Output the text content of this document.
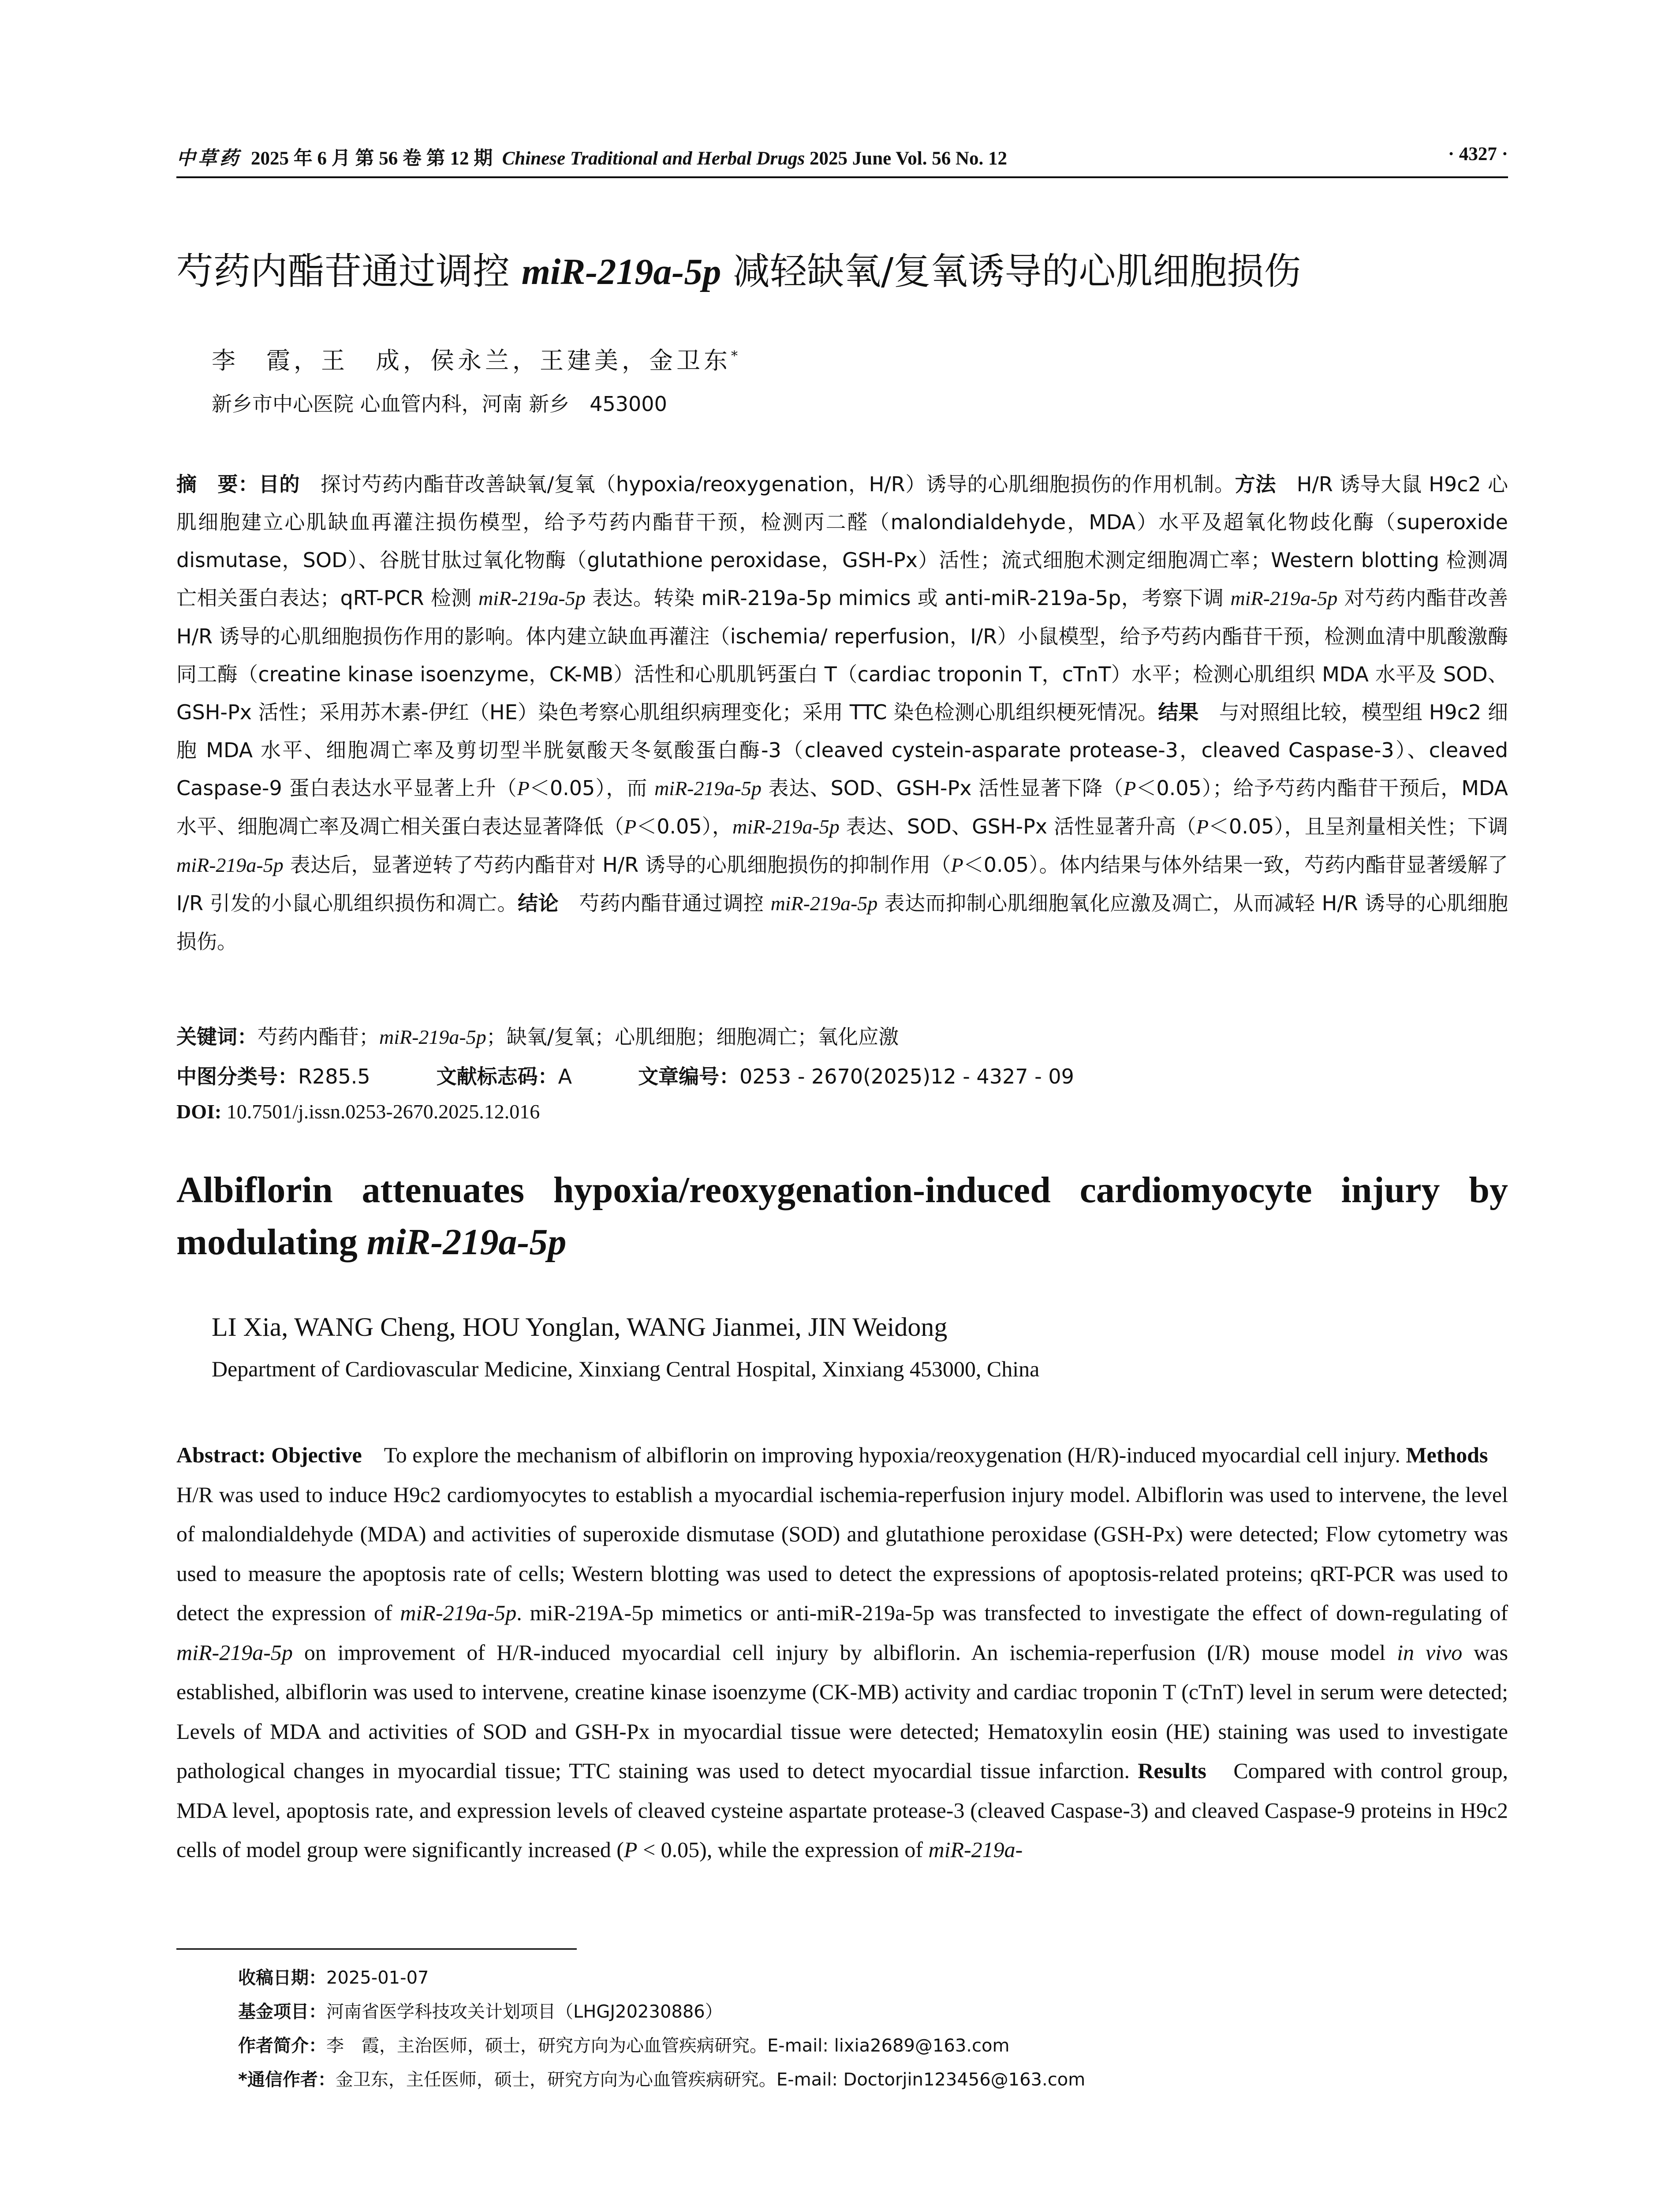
中草药 2025 年 6 月 第 56 卷 第 12 期 Chinese Traditional and Herbal Drugs 2025 June Vol. 56 No. 12	· 4327 ·
芍药内酯苷通过调控 miR-219a-5p 减轻缺氧/复氧诱导的心肌细胞损伤
李　霞，王　成，侯永兰，王建美，金卫东*
新乡市中心医院 心血管内科，河南 新乡　453000

摘　要：目的　探讨芍药内酯苷改善缺氧/复氧（hypoxia/reoxygenation，H/R）诱导的心肌细胞损伤的作用机制。方法　H/R 诱导大鼠 H9c2 心肌细胞建立心肌缺血再灌注损伤模型，给予芍药内酯苷干预，检测丙二醛（malondialdehyde，MDA）水平及超氧化物歧化酶（superoxide dismutase，SOD）、谷胱甘肽过氧化物酶（glutathione peroxidase，GSH-Px）活性；流式细胞术测定细胞凋亡率；Western blotting 检测凋亡相关蛋白表达；qRT-PCR 检测 miR-219a-5p 表达。转染 miR-219a-5p mimics 或 anti-miR-219a-5p，考察下调 miR-219a-5p 对芍药内酯苷改善 H/R 诱导的心肌细胞损伤作用的影响。体内建立缺血再灌注（ischemia/ reperfusion，I/R）小鼠模型，给予芍药内酯苷干预，检测血清中肌酸激酶同工酶（creatine kinase isoenzyme，CK-MB）活性和心肌肌钙蛋白 T（cardiac troponin T，cTnT）水平；检测心肌组织 MDA 水平及 SOD、GSH-Px 活性；采用苏木素-伊红（HE）染色考察心肌组织病理变化；采用 TTC 染色检测心肌组织梗死情况。结果　与对照组比较，模型组 H9c2 细胞 MDA 水平、细胞凋亡率及剪切型半胱氨酸天冬氨酸蛋白酶-3（cleaved cystein-asparate protease-3，cleaved Caspase-3）、cleaved Caspase-9 蛋白表达水平显著上升（P＜0.05），而 miR-219a-5p 表达、SOD、GSH-Px 活性显著下降（P＜0.05）；给予芍药内酯苷干预后，MDA 水平、细胞凋亡率及凋亡相关蛋白表达显著降低（P＜0.05），miR-219a-5p 表达、SOD、GSH-Px 活性显著升高（P＜0.05），且呈剂量相关性；下调 miR-219a-5p 表达后，显著逆转了芍药内酯苷对 H/R 诱导的心肌细胞损伤的抑制作用（P＜0.05）。体内结果与体外结果一致，芍药内酯苷显著缓解了 I/R 引发的小鼠心肌组织损伤和凋亡。结论　芍药内酯苷通过调控 miR-219a-5p 表达而抑制心肌细胞氧化应激及凋亡，从而减轻 H/R 诱导的心肌细胞损伤。

关键词：芍药内酯苷；miR-219a-5p；缺氧/复氧；心肌细胞；细胞凋亡；氧化应激
中图分类号：R285.5	文献标志码：A	文章编号：0253 - 2670(2025)12 - 4327 - 09
DOI: 10.7501/j.issn.0253-2670.2025.12.016

Albiflorin attenuates hypoxia/reoxygenation-induced cardiomyocyte injury by modulating miR-219a-5p

LI Xia, WANG Cheng, HOU Yonglan, WANG Jianmei, JIN Weidong
Department of Cardiovascular Medicine, Xinxiang Central Hospital, Xinxiang 453000, China

Abstract: Objective　To explore the mechanism of albiflorin on improving hypoxia/reoxygenation (H/R)-induced myocardial cell injury. Methods　H/R was used to induce H9c2 cardiomyocytes to establish a myocardial ischemia-reperfusion injury model. Albiflorin was used to intervene, the level of malondialdehyde (MDA) and activities of superoxide dismutase (SOD) and glutathione peroxidase (GSH-Px) were detected; Flow cytometry was used to measure the apoptosis rate of cells; Western blotting was used to detect the expressions of apoptosis-related proteins; qRT-PCR was used to detect the expression of miR-219a-5p. miR-219A-5p mimetics or anti-miR-219a-5p was transfected to investigate the effect of down-regulating of miR-219a-5p on improvement of H/R-induced myocardial cell injury by albiflorin. An ischemia-reperfusion (I/R) mouse model in vivo was established, albiflorin was used to intervene, creatine kinase isoenzyme (CK-MB) activity and cardiac troponin T (cTnT) level in serum were detected; Levels of MDA and activities of SOD and GSH-Px in myocardial tissue were detected; Hematoxylin eosin (HE) staining was used to investigate pathological changes in myocardial tissue; TTC staining was used to detect myocardial tissue infarction. Results　Compared with control group, MDA level, apoptosis rate, and expression levels of cleaved cysteine aspartate protease-3 (cleaved Caspase-3) and cleaved Caspase-9 proteins in H9c2 cells of model group were significantly increased (P < 0.05), while the expression of miR-219a-

收稿日期：2025-01-07
基金项目：河南省医学科技攻关计划项目（LHGJ20230886）
作者简介：李　霞，主治医师，硕士，研究方向为心血管疾病研究。E-mail: lixia2689@163.com
*通信作者：金卫东，主任医师，硕士，研究方向为心血管疾病研究。E-mail: Doctorjin123456@163.com
